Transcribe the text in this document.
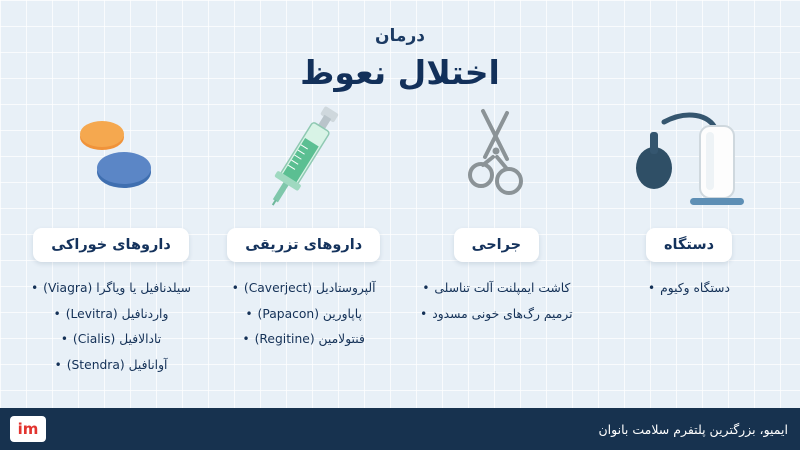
درمان
اختلال نعوظ
داروهای خوراکی
سیلدنافیل یا ویاگرا (Viagra) •
واردنافیل (Levitra) •
تادالافیل (Cialis) •
آوانافیل (Stendra) •
داروهای تزریقی
آلپروستادیل (Caverject) •
پاپاورین (Papacon) •
فنتولامین (Regitine) •
جراحی
کاشت ایمپلنت آلت تناسلی •
ترمیم رگ‌های خونی مسدود •
دستگاه
دستگاه وکیوم •
ایمیو، بزرگترین پلتفرم سلامت بانوان
im
